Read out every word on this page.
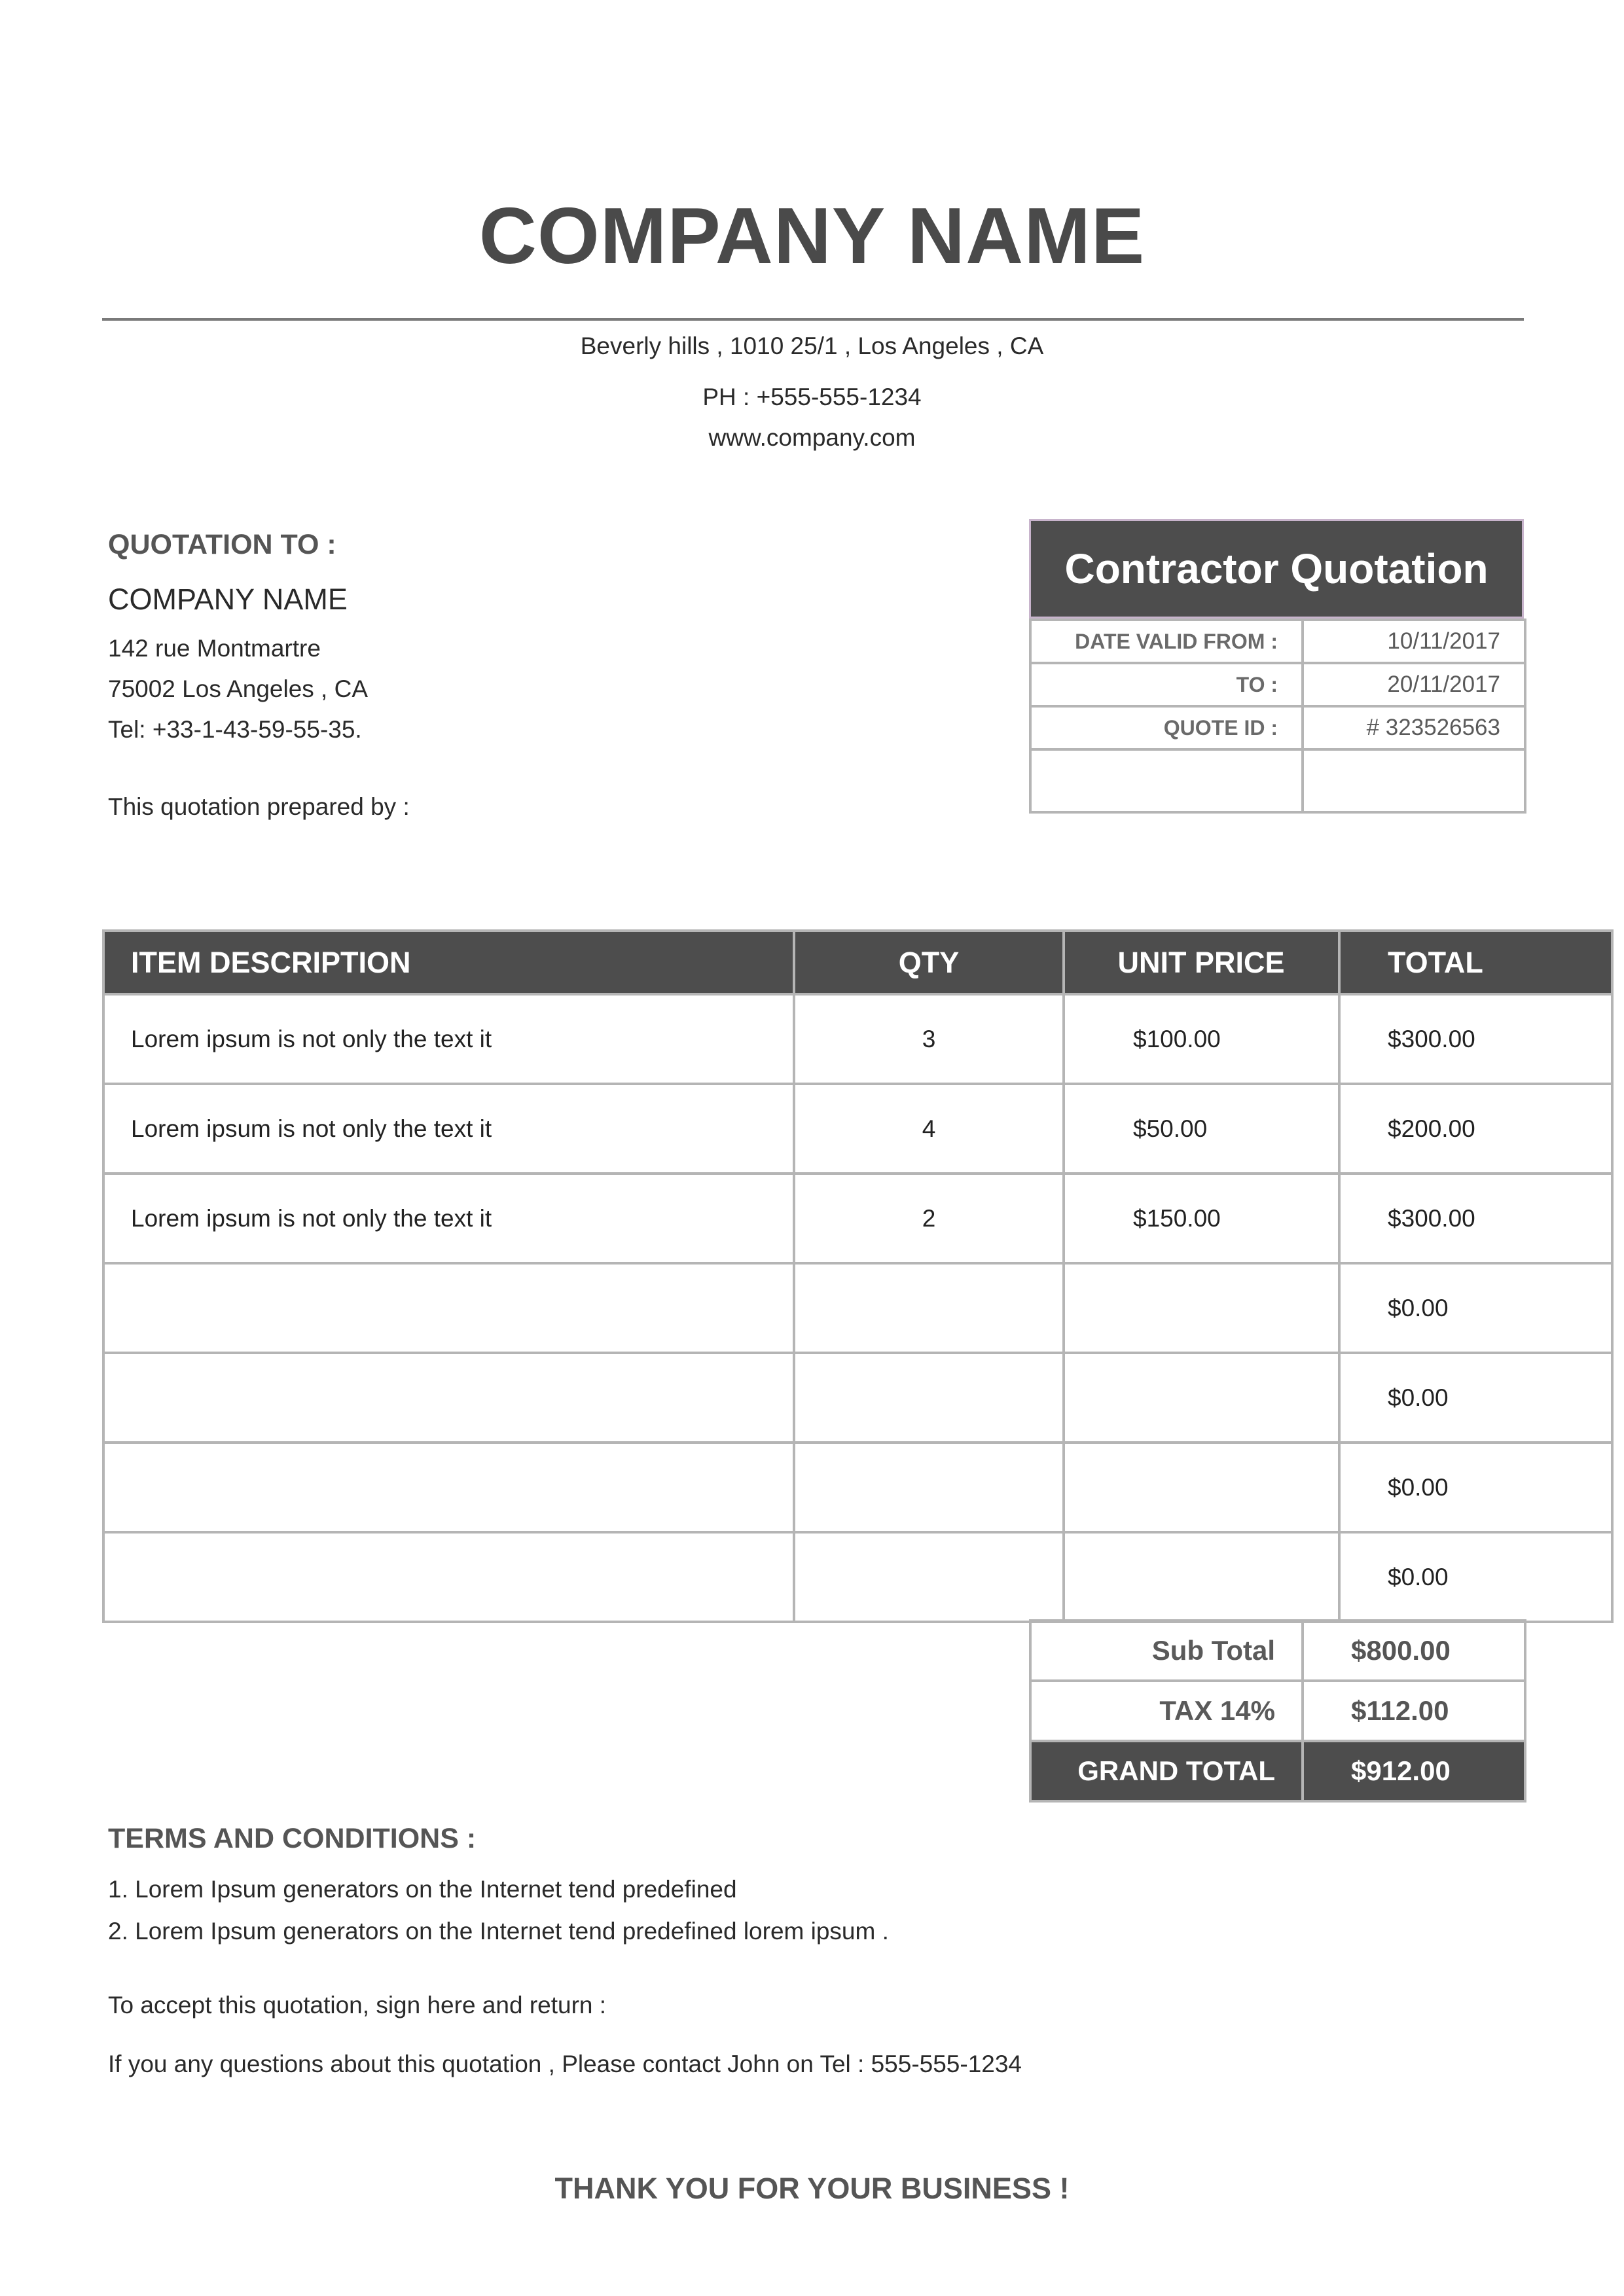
COMPANY NAME
Beverly hills , 1010 25/1 , Los Angeles , CA
PH : +555-555-1234
www.company.com
QUOTATION TO :
COMPANY NAME
142 rue Montmartre
75002 Los Angeles , CA
Tel: +33-1-43-59-55-35.
This quotation prepared by :
Contractor Quotation
DATE VALID FROM :	10/11/2017
TO :	20/11/2017
QUOTE ID :	# 323526563

ITEM DESCRIPTION	QTY	UNIT PRICE	TOTAL
Lorem ipsum is not only the text it	3	$100.00	$300.00
Lorem ipsum is not only the text it	4	$50.00	$200.00
Lorem ipsum is not only the text it	2	$150.00	$300.00
			$0.00
			$0.00
			$0.00
			$0.00
Sub Total	$800.00
TAX 14%	$112.00
GRAND TOTAL	$912.00
TERMS AND CONDITIONS :
1. Lorem Ipsum generators on the Internet tend predefined
2. Lorem Ipsum generators on the Internet tend predefined lorem ipsum .
To accept this quotation, sign here and return :
If you any questions about this quotation , Please contact John on Tel : 555-555-1234
THANK YOU FOR YOUR BUSINESS !
